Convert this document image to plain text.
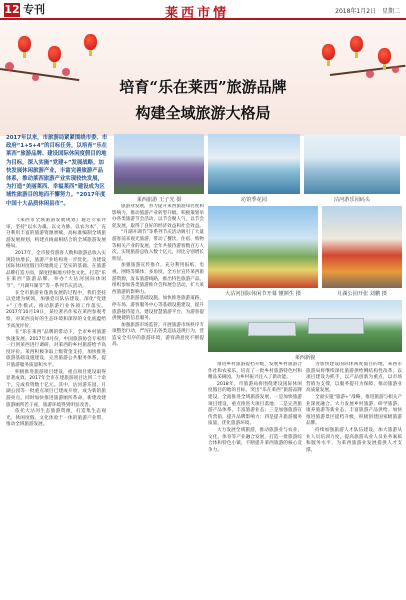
12 专刊	莱西市情	2018年1月2日 星期二
培育“乐在莱西”旅游品牌
构建全域旅游大格局
2017年以来，市旅游局紧紧围绕市委、市政府“1+5+4”的目标任务，以培育“乐在莱西”旅游品牌、建设国际休闲度假目的地为目标，深入实施“党建+”发展战略，加快发展休闲旅游产业，丰富完善旅游产品体系，推动莱西旅游产业实现较快发展，为打造“美丽莱西、幸福莱西”建设成为区域性旅游目的地而不懈努力。“2017年度中国十大品质休闲县市”。
莱西旅游 王子光 摄	沁馆季花园	沽河游乐园码头
大沽河国际休闲节开幕 懂颜生 摄	月湖公园开张 刘鹏 摄
莱西新貌

《莱西市全域旅游发展规划》通过专家评审，坚持“以水为魂、以文为脉、以农为本”，充分利用丰富的旅游资源禀赋，高标准编制全域旅游发展规划，构建点线面相结合的全域旅游发展格局。

2017年，全市接待游客人数和旅游总收入实现较快增长，旅游产业结构进一步优化，为建设国际休闲度假目的地奠定了坚实的基础。在旅游品牌打造方面，深度挖掘地方特色文化，打造“乐在莱西”旅游品牌，举办“大沽河国际休闲节”、“月湖开湖节”等一系列节庆活动。

在全市旅游业蓬勃发展的过程中，我们坚持以党建为统领，加强党员队伍建设，深化“党建+”工作模式，推动旅游行业各项工作落实。2017年10月19日，某位著名作家在莱西参观考察，对莱西良好的生态环境和深厚的文化底蕴给予高度评价。

在“乐在莱西”品牌的带动下，全市乡村旅游快速发展。2017年4月份，中国旅游协会专家组一行到莱西进行调研，对莱西的乡村旅游给予高度评价。莱西积极争取上级资金支持，加快推进旅游基础设施建设，完善旅游公共服务体系，提升旅游服务质量和水平。

积极推进旅游项目建设，重点项目建设取得显著成效。2017年全市在建旅游项目达到二十余个，完成投资数十亿元。其中，沽河游乐园、月湖公园等一批重点项目已建成开放，成为新的旅游亮点。同时加快推进旅游厕所革命，新建改建旅游厕所若干座，旅游环境得到明显改善。

依托大沽河生态旅游资源，打造集生态观光、休闲度假、文化体验于一体的旅游产业带，推动全域旅游发展。

旅游业发展，努力提升莱西旅游知名度和影响力，推动旅游产业转型升级。积极策划举办各类旅游节会活动，以节会聚人气，以节会促发展，取得了良好的经济效益和社会效益。

“月湖开湖节”等系列节庆活动吸引了大量游客前来观光旅游，带动了餐饮、住宿、购物等相关产业的发展。全年共接待游客数百万人次，实现旅游总收入数十亿元，同比分别增长明显。

加强旅游宣传推介。充分利用报纸、电视、网络等媒体，多角度、全方位宣传莱西旅游资源，发布旅游线路，推出特色旅游产品。组织参加各类旅游推介会和展会活动，扩大莱西旅游的影响力。

完善旅游基础设施。加快推进旅游道路、停车场、游客服务中心等基础设施建设，提升旅游接待能力。建设智慧旅游平台，为游客提供便捷的信息服务。

加强旅游市场监管。开展旅游市场秩序专项整治行动，严厉打击各类违法违规行为，营造安全有序的旅游环境，游客满意度不断提高。

推进乡村旅游提档升级，发展乡村旅游合作社和农家乐，培育了一批乡村旅游特色村和精品采摘园，为乡村振兴注入了新动能。

2018年，市旅游局将围绕建设国际休闲度假目的地的目标，突出“乐在莱西”旅游品牌建设，全面推进全域旅游发展。一是加快旅游项目建设，重点推进大项目落地；二是完善旅游产品体系，丰富旅游业态；三是加强旅游宣传营销，提升品牌影响力；四是提升旅游服务质量，优化旅游环境。

大力发展全域旅游，推动旅游业与农业、文化、体育等产业融合发展，打造一批旅游综合体和特色小镇，不断提升莱西旅游的核心竞争力。

为加快建设国际休闲度假目的地，莱西市旅游局将继续深化旅游供给侧结构性改革，以项目建设为抓手，以产品创新为重点，以市场营销为支撑，以服务提升为保障，推动旅游业高质量发展。

全面实施“旅游+”战略，推进旅游与相关产业深度融合。大力发展乡村旅游、研学旅游、康养旅游等新业态，丰富旅游产品供给。加快推进旅游景区提档升级，积极创建国家级旅游品牌。

持续加强旅游人才队伍建设，加大旅游从业人员培训力度，提高旅游从业人员业务素质和服务水平，为莱西旅游业发展提供人才支撑。
